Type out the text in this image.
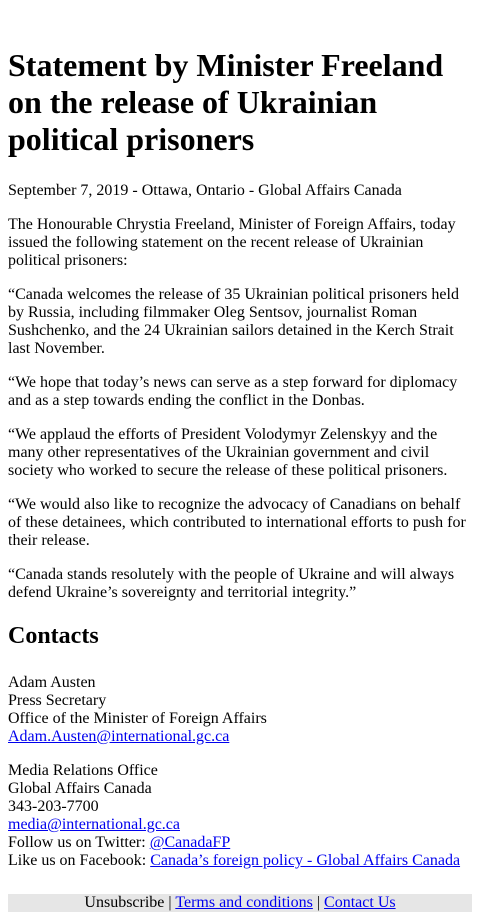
Statement by Minister Freeland on the release of Ukrainian political prisoners

September 7, 2019 - Ottawa, Ontario - Global Affairs Canada

The Honourable Chrystia Freeland, Minister of Foreign Affairs, today issued the following statement on the recent release of Ukrainian political prisoners:

“Canada welcomes the release of 35 Ukrainian political prisoners held by Russia, including filmmaker Oleg Sentsov, journalist Roman Sushchenko, and the 24 Ukrainian sailors detained in the Kerch Strait last November.

“We hope that today’s news can serve as a step forward for diplomacy and as a step towards ending the conflict in the Donbas.

“We applaud the efforts of President Volodymyr Zelenskyy and the many other representatives of the Ukrainian government and civil society who worked to secure the release of these political prisoners.

“We would also like to recognize the advocacy of Canadians on behalf of these detainees, which contributed to international efforts to push for their release.

“Canada stands resolutely with the people of Ukraine and will always defend Ukraine’s sovereignty and territorial integrity.”

Contacts
Adam Austen
Press Secretary
Office of the Minister of Foreign Affairs
Adam.Austen@international.gc.ca
Media Relations Office
Global Affairs Canada
343-203-7700
media@international.gc.ca
Follow us on Twitter: @CanadaFP
Like us on Facebook: Canada’s foreign policy - Global Affairs Canada
Unsubscribe | Terms and conditions | Contact Us
